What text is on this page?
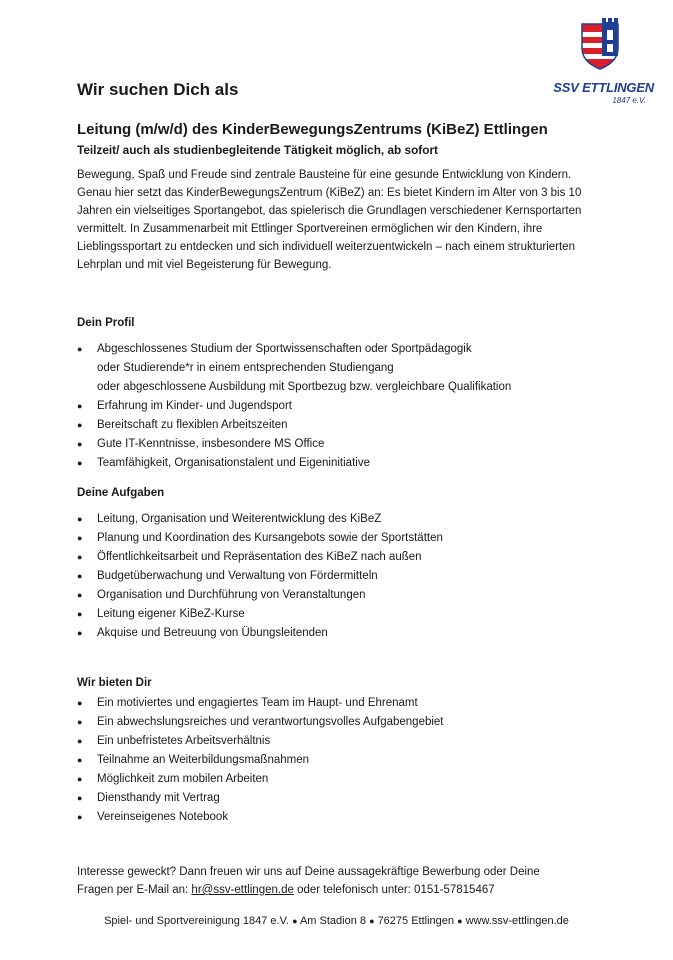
SSV ETTLINGEN
1847 e.V.
Wir suchen Dich als
Leitung (m/w/d) des KinderBewegungsZentrums (KiBeZ) Ettlingen
Teilzeit/ auch als studienbegleitende Tätigkeit möglich, ab sofort
Bewegung, Spaß und Freude sind zentrale Bausteine für eine gesunde Entwicklung von Kindern. Genau hier setzt das KinderBewegungsZentrum (KiBeZ) an: Es bietet Kindern im Alter von 3 bis 10 Jahren ein vielseitiges Sportangebot, das spielerisch die Grundlagen verschiedener Kernsportarten vermittelt. In Zusammenarbeit mit Ettlinger Sportvereinen ermöglichen wir den Kindern, ihre Lieblingssportart zu entdecken und sich individuell weiterzuentwickeln – nach einem strukturierten Lehrplan und mit viel Begeisterung für Bewegung.
Dein Profil
● Abgeschlossenes Studium der Sportwissenschaften oder Sportpädagogik
oder Studierende*r in einem entsprechenden Studiengang
oder abgeschlossene Ausbildung mit Sportbezug bzw. vergleichbare Qualifikation
● Erfahrung im Kinder- und Jugendsport
● Bereitschaft zu flexiblen Arbeitszeiten
● Gute IT-Kenntnisse, insbesondere MS Office
● Teamfähigkeit, Organisationstalent und Eigeninitiative
Deine Aufgaben
● Leitung, Organisation und Weiterentwicklung des KiBeZ
● Planung und Koordination des Kursangebots sowie der Sportstätten
● Öffentlichkeitsarbeit und Repräsentation des KiBeZ nach außen
● Budgetüberwachung und Verwaltung von Fördermitteln
● Organisation und Durchführung von Veranstaltungen
● Leitung eigener KiBeZ-Kurse
● Akquise und Betreuung von Übungsleitenden
Wir bieten Dir
● Ein motiviertes und engagiertes Team im Haupt- und Ehrenamt
● Ein abwechslungsreiches und verantwortungsvolles Aufgabengebiet
● Ein unbefristetes Arbeitsverhältnis
● Teilnahme an Weiterbildungsmaßnahmen
● Möglichkeit zum mobilen Arbeiten
● Diensthandy mit Vertrag
● Vereinseigenes Notebook
Interesse geweckt? Dann freuen wir uns auf Deine aussagekräftige Bewerbung oder Deine
Fragen per E-Mail an: hr@ssv-ettlingen.de oder telefonisch unter: 0151-57815467
Spiel- und Sportvereinigung 1847 e.V. ● Am Stadion 8 ● 76275 Ettlingen ● www.ssv-ettlingen.de
